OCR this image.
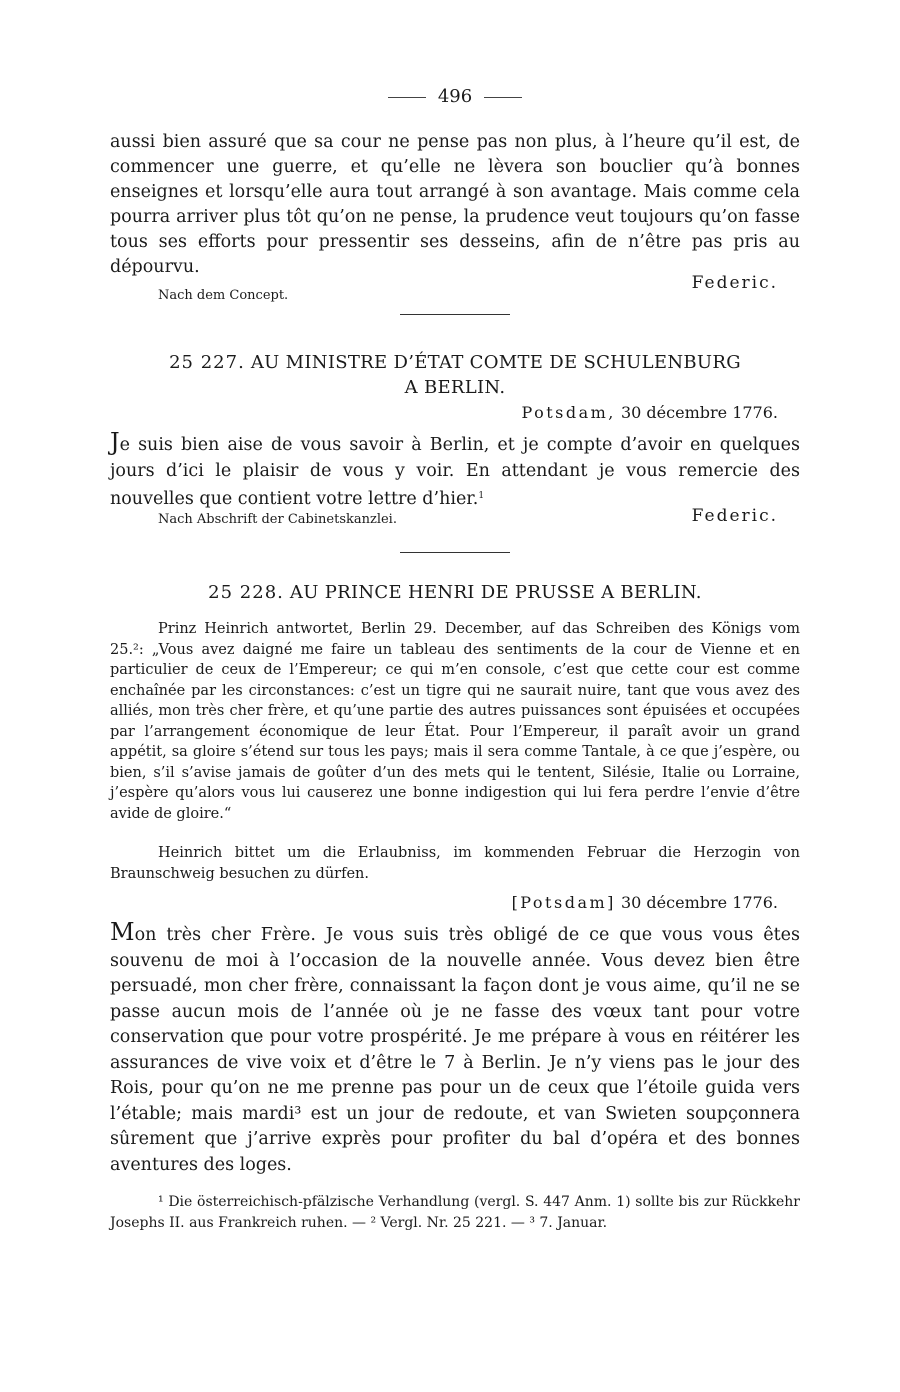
496
aussi bien assuré que sa cour ne pense pas non plus, à l’heure qu’il est, de commencer une guerre, et qu’elle ne lèvera son bouclier qu’à bonnes enseignes et lorsqu’elle aura tout arrangé à son avantage. Mais comme cela pourra arriver plus tôt qu’on ne pense, la prudence veut toujours qu’on fasse tous ses efforts pour pressentir ses desseins, afin de n’être pas pris au dépourvu.
Federic.
Nach dem Concept.
25 227. AU MINISTRE D’ÉTAT COMTE DE SCHULENBURG
A BERLIN.
Potsdam, 30 décembre 1776.
Je suis bien aise de vous savoir à Berlin, et je compte d’avoir en quelques jours d’ici le plaisir de vous y voir. En attendant je vous remercie des nouvelles que contient votre lettre d’hier.$^1$
Nach Abschrift der Cabinetskanzlei.	Federic.
25 228. AU PRINCE HENRI DE PRUSSE A BERLIN.
Prinz Heinrich antwortet, Berlin 29. December, auf das Schreiben des Königs vom 25.²: „Vous avez daigné me faire un tableau des sentiments de la cour de Vienne et en particulier de ceux de l’Empereur; ce qui m’en console, c’est que cette cour est comme enchaînée par les circonstances: c’est un tigre qui ne saurait nuire, tant que vous avez des alliés, mon très cher frère, et qu’une partie des autres puissances sont épuisées et occupées par l’arrangement économique de leur État. Pour l’Empereur, il paraît avoir un grand appétit, sa gloire s’étend sur tous les pays; mais il sera comme Tantale, à ce que j’espère, ou bien, s’il s’avise jamais de goûter d’un des mets qui le tentent, Silésie, Italie ou Lorraine, j’espère qu’alors vous lui causerez une bonne indigestion qui lui fera perdre l’envie d’être avide de gloire.“
Heinrich bittet um die Erlaubniss, im kommenden Februar die Herzogin von Braunschweig besuchen zu dürfen.
[Potsdam] 30 décembre 1776.
Mon très cher Frère. Je vous suis très obligé de ce que vous vous êtes souvenu de moi à l’occasion de la nouvelle année. Vous devez bien être persuadé, mon cher frère, connaissant la façon dont je vous aime, qu’il ne se passe aucun mois de l’année où je ne fasse des vœux tant pour votre conservation que pour votre prospérité. Je me prépare à vous en réitérer les assurances de vive voix et d’être le 7 à Berlin. Je n’y viens pas le jour des Rois, pour qu’on ne me prenne pas pour un de ceux que l’étoile guida vers l’étable; mais mardi³ est un jour de redoute, et van Swieten soupçonnera sûrement que j’arrive exprès pour profiter du bal d’opéra et des bonnes aventures des loges.
¹ Die österreichisch-pfälzische Verhandlung (vergl. S. 447 Anm. 1) sollte bis zur Rückkehr Josephs II. aus Frankreich ruhen. — ² Vergl. Nr. 25 221. — ³ 7. Januar.
